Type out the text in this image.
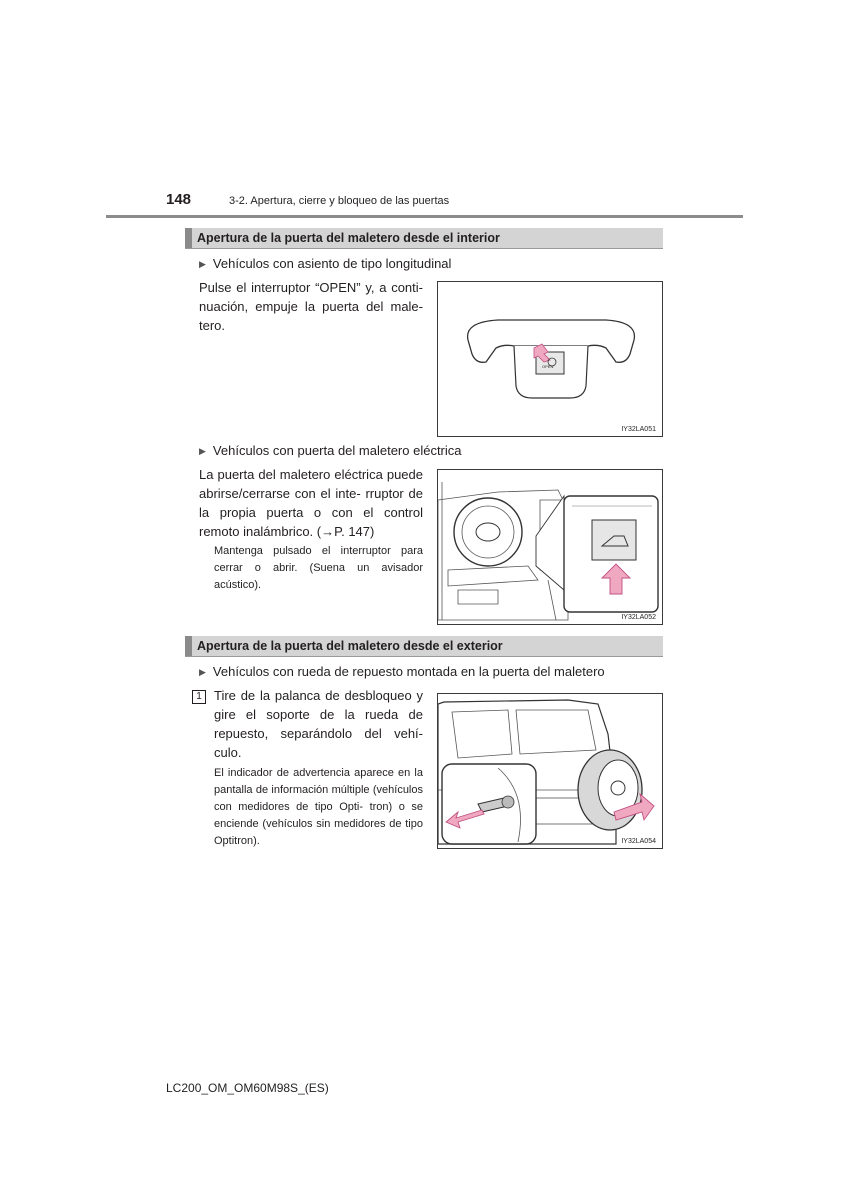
148	3-2. Apertura, cierre y bloqueo de las puertas
Apertura de la puerta del maletero desde el interior
▶ Vehículos con asiento de tipo longitudinal
Pulse el interruptor “OPEN” y, a conti- nuación, empuje la puerta del male- tero.
OPEN
IY32LA051
▶ Vehículos con puerta del maletero eléctrica
La puerta del maletero eléctrica puede abrirse/cerrarse con el inte- rruptor de la propia puerta o con el control remoto inalámbrico. (→P. 147)
Mantenga pulsado el interruptor para cerrar o abrir. (Suena un avisador acústico).
IY32LA052
Apertura de la puerta del maletero desde el exterior
▶ Vehículos con rueda de repuesto montada en la puerta del maletero
1 Tire de la palanca de desbloqueo y gire el soporte de la rueda de repuesto, separándolo del vehí- culo.
El indicador de advertencia aparece en la pantalla de información múltiple (vehículos con medidores de tipo Opti- tron) o se enciende (vehículos sin medidores de tipo Optitron).	IY32LA054
LC200_OM_OM60M98S_(ES)
